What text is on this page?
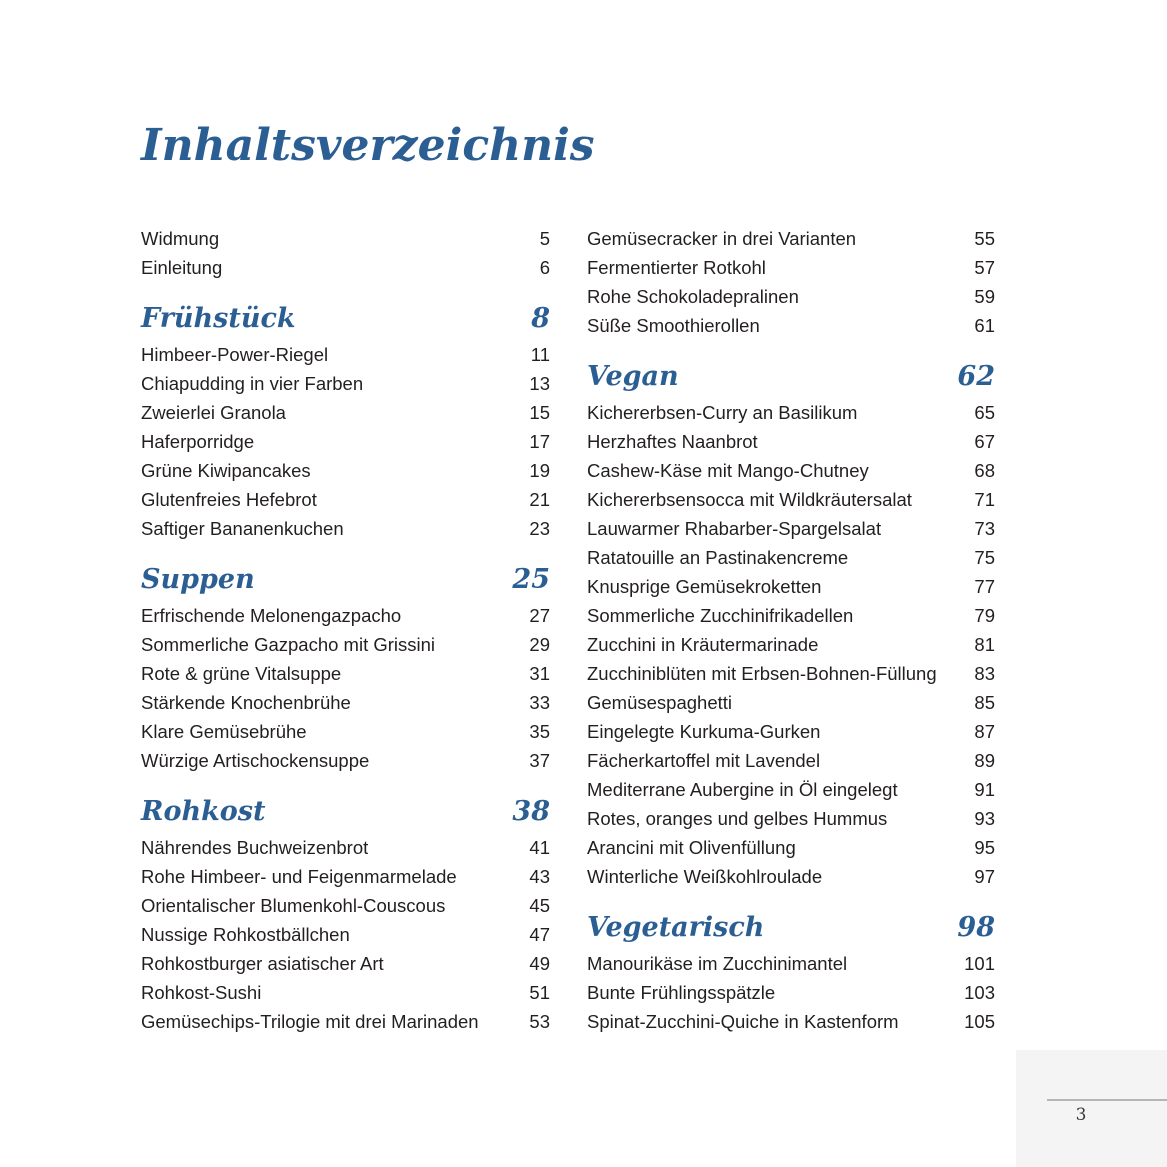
Inhaltsverzeichnis
Widmung	5
Einleitung	6
Frühstück	8
Himbeer-Power-Riegel	11
Chiapudding in vier Farben	13
Zweierlei Granola	15
Haferporridge	17
Grüne Kiwipancakes	19
Glutenfreies Hefebrot	21
Saftiger Bananenkuchen	23
Suppen	25
Erfrischende Melonengazpacho	27
Sommerliche Gazpacho mit Grissini	29
Rote & grüne Vitalsuppe	31
Stärkende Knochenbrühe	33
Klare Gemüsebrühe	35
Würzige Artischockensuppe	37
Rohkost	38
Nährendes Buchweizenbrot	41
Rohe Himbeer- und Feigenmarmelade	43
Orientalischer Blumenkohl-Couscous	45
Nussige Rohkostbällchen	47
Rohkostburger asiatischer Art	49
Rohkost-Sushi	51
Gemüsechips-Trilogie mit drei Marinaden	53
Gemüsecracker in drei Varianten	55
Fermentierter Rotkohl	57
Rohe Schokoladepralinen	59
Süße Smoothierollen	61
Vegan	62
Kichererbsen-Curry an Basilikum	65
Herzhaftes Naanbrot	67
Cashew-Käse mit Mango-Chutney	68
Kichererbsensocca mit Wildkräutersalat	71
Lauwarmer Rhabarber-Spargelsalat	73
Ratatouille an Pastinakencreme	75
Knusprige Gemüsekroketten	77
Sommerliche Zucchinifrikadellen	79
Zucchini in Kräutermarinade	81
Zucchiniblüten mit Erbsen-Bohnen-Füllung 83
Gemüsespaghetti	85
Eingelegte Kurkuma-Gurken	87
Fächerkartoffel mit Lavendel	89
Mediterrane Aubergine in Öl eingelegt	91
Rotes, oranges und gelbes Hummus	93
Arancini mit Olivenfüllung	95
Winterliche Weißkohlroulade	97
Vegetarisch	98
Manourikäse im Zucchinimantel	101
Bunte Frühlingsspätzle	103
Spinat-Zucchini-Quiche in Kastenform	105
3
